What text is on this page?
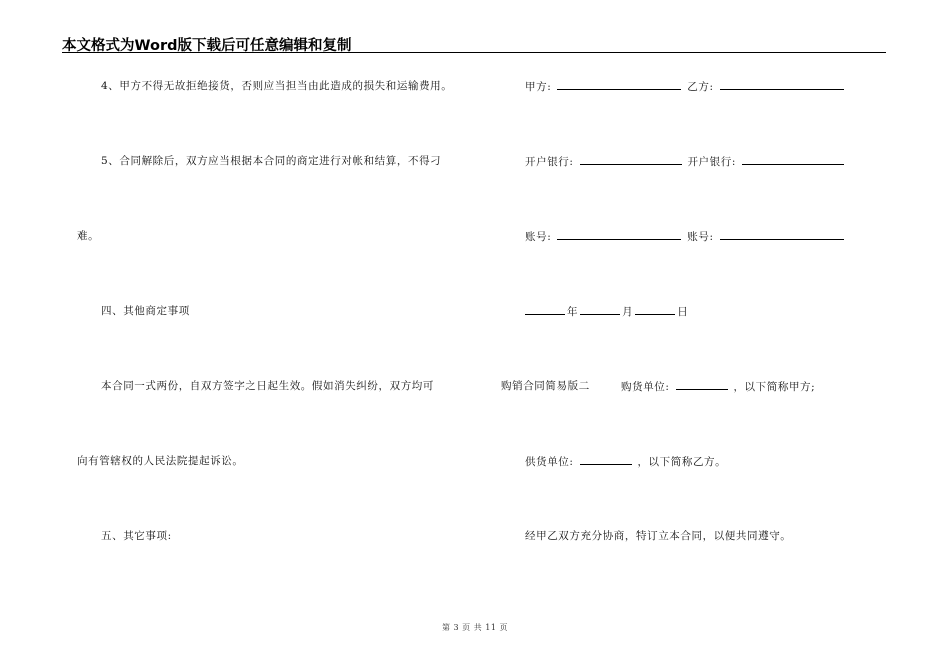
本文格式为Word版下载后可任意编辑和复制
4、甲方不得无故拒绝接货，否则应当担当由此造成的损失和运输费用。
5、合同解除后，双方应当根据本合同的商定进行对帐和结算，不得刁
难。
四、其他商定事项
本合同一式两份，自双方签字之日起生效。假如消失纠纷，双方均可
向有管辖权的人民法院提起诉讼。
五、其它事项:
甲方:	乙方:
开户银行:	开户银行:
账号:	账号:
年	月	日
购销合同简易版二	购货单位:	，以下简称甲方;
供货单位:	，以下简称乙方。
经甲乙双方充分协商，特订立本合同，以便共同遵守。
第 3 页 共 11 页
